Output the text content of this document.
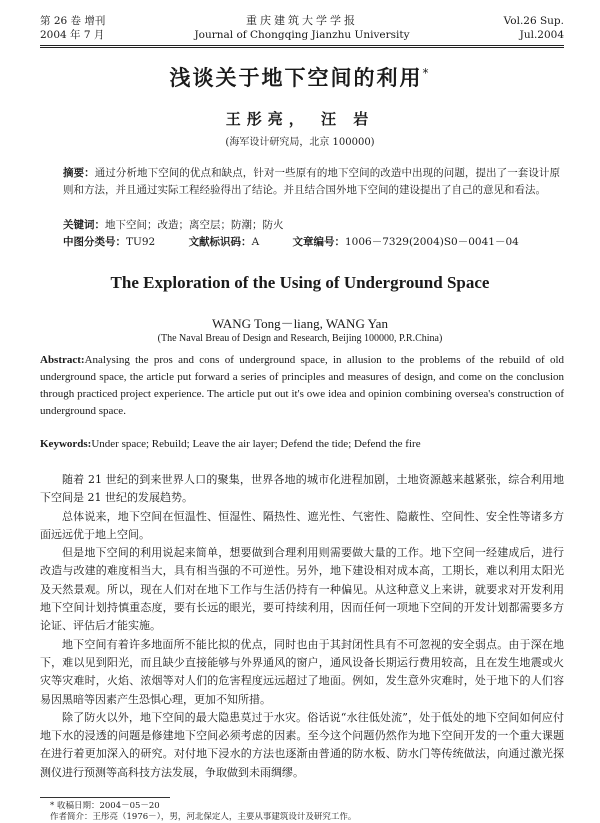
第 26 卷 增刊
2004 年 7 月
重庆建筑大学学报
Journal of Chongqing Jianzhu University
Vol.26 Sup.
Jul.2004
浅谈关于地下空间的利用*
王彤亮， 汪 岩
(海军设计研究局，北京 100000)
摘要：通过分析地下空间的优点和缺点，针对一些原有的地下空间的改造中出现的问题，提出了一套设计原则和方法，并且通过实际工程经验得出了结论。并且结合国外地下空间的建设提出了自己的意见和看法。
关键词：地下空间；改造；离空层；防潮；防火
中图分类号：TU92	文献标识码：A	文章编号：1006－7329(2004)S0－0041－04
The Exploration of the Using of Underground Space
WANG Tong－liang, WANG Yan
(The Naval Breau of Design and Research, Beijing 100000, P.R.China)
Abstract:Analysing the pros and cons of underground space, in allusion to the problems of the rebuild of old underground space, the article put forward a series of principles and measures of design, and come on the conclusion through practiced project experience. The article put out it's owe idea and opinion combining oversea's construction of underground space.
Keywords:Under space; Rebuild; Leave the air layer; Defend the tide; Defend the fire

随着 21 世纪的到来世界人口的聚集，世界各地的城市化进程加剧，土地资源越来越紧张，综合利用地下空间是 21 世纪的发展趋势。

总体说来，地下空间在恒温性、恒湿性、隔热性、遮光性、气密性、隐蔽性、空间性、安全性等诸多方面远远优于地上空间。

但是地下空间的利用说起来简单，想要做到合理利用则需要做大量的工作。地下空间一经建成后，进行改造与改建的难度相当大，具有相当强的不可逆性。另外，地下建设相对成本高，工期长，难以利用太阳光及天然景观。所以，现在人们对在地下工作与生活仍持有一种偏见。从这种意义上来讲，就要求对开发利用地下空间计划持慎重态度，要有长远的眼光，要可持续利用，因而任何一项地下空间的开发计划都需要多方论证、评估后才能实施。

地下空间有着许多地面所不能比拟的优点，同时也由于其封闭性具有不可忽视的安全弱点。由于深在地下，难以见到阳光，而且缺少直接能够与外界通风的窗户，通风设备长期运行费用较高，且在发生地震或火灾等灾难时，火焰、浓烟等对人们的危害程度远远超过了地面。例如，发生意外灾难时，处于地下的人们容易因黑暗等因素产生恐惧心理，更加不知所措。

除了防火以外，地下空间的最大隐患莫过于水灾。俗话说“水往低处流”，处于低处的地下空间如何应付地下水的浸透的问题是修建地下空间必须考虑的因素。至今这个问题仍然作为地下空间开发的一个重大课题在进行着更加深入的研究。对付地下浸水的方法也逐渐由普通的防水板、防水门等传统做法，向通过激光探测仪进行预测等高科技方法发展，争取做到未雨绸缪。

* 收稿日期：2004－05－20
作者简介：王彤亮（1976－），男，河北保定人，主要从事建筑设计及研究工作。
